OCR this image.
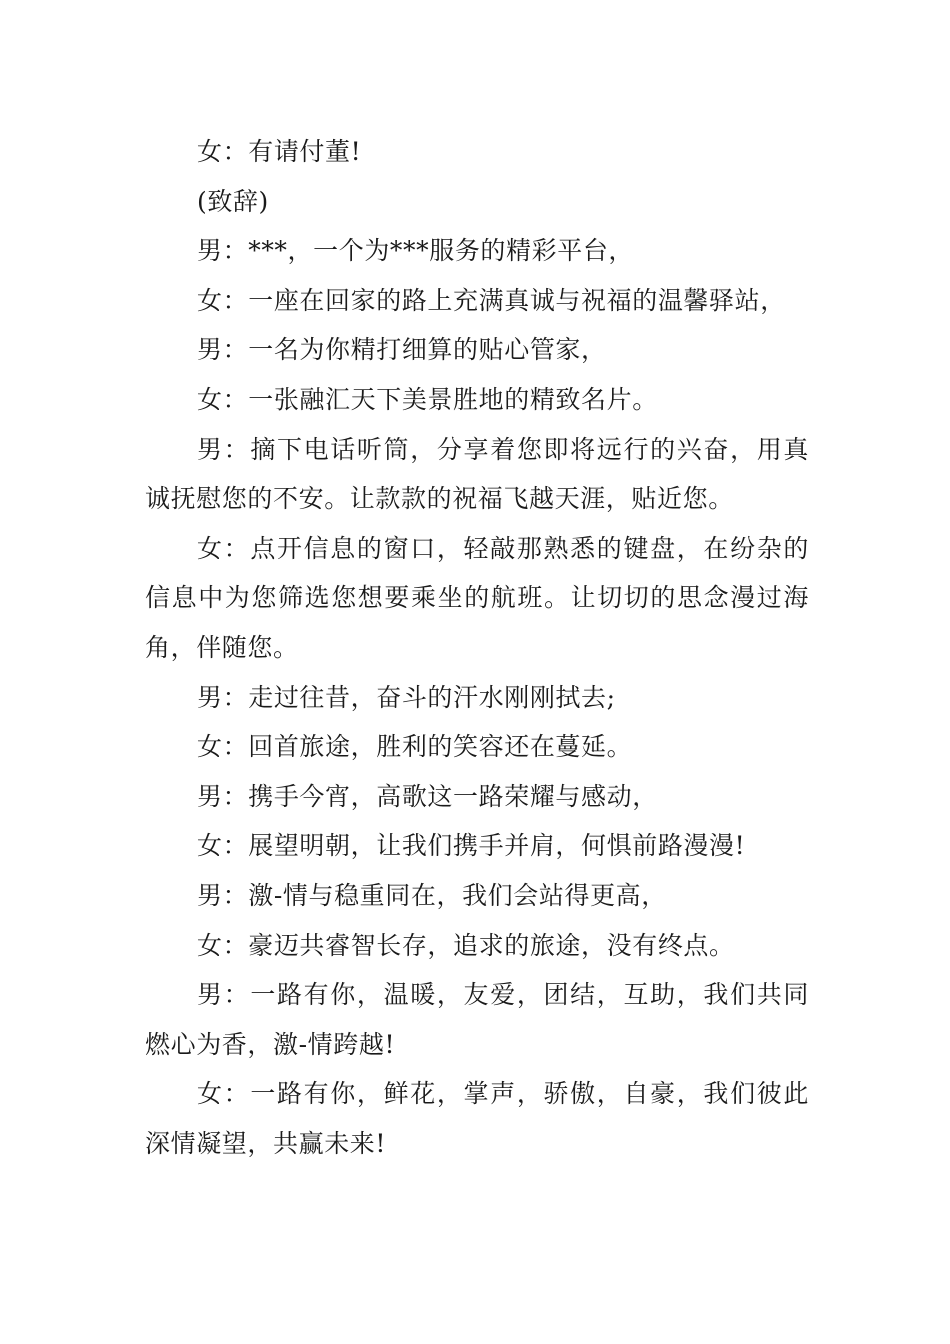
女：有请付董!

(致辞)

男：***，一个为***服务的精彩平台，

女：一座在回家的路上充满真诚与祝福的温馨驿站，

男：一名为你精打细算的贴心管家，

女：一张融汇天下美景胜地的精致名片。

男：摘下电话听筒，分享着您即将远行的兴奋，用真诚抚慰您的不安。让款款的祝福飞越天涯，贴近您。

女：点开信息的窗口，轻敲那熟悉的键盘，在纷杂的信息中为您筛选您想要乘坐的航班。让切切的思念漫过海角，伴随您。

男：走过往昔，奋斗的汗水刚刚拭去;

女：回首旅途，胜利的笑容还在蔓延。

男：携手今宵，高歌这一路荣耀与感动，

女：展望明朝，让我们携手并肩，何惧前路漫漫!

男：激-情与稳重同在，我们会站得更高，

女：豪迈共睿智长存，追求的旅途，没有终点。

男：一路有你，温暖，友爱，团结，互助，我们共同燃心为香，激-情跨越!

女：一路有你，鲜花，掌声，骄傲，自豪，我们彼此深情凝望，共赢未来!
